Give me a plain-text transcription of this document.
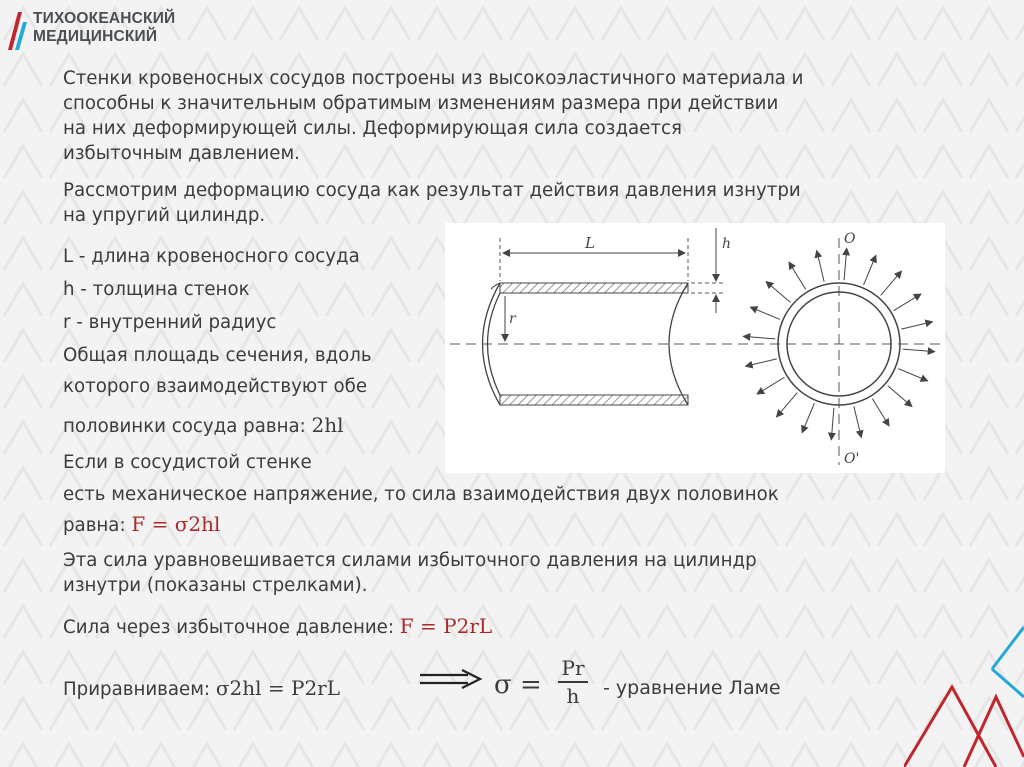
ТИХООКЕАНСКИЙ
МЕДИЦИНСКИЙ
Стенки кровеносных сосудов построены из высокоэластичного материала и
способны к значительным обратимым изменениям размера при действии
на них деформирующей силы. Деформирующая сила создается
избыточным давлением.
Рассмотрим деформацию сосуда как результат действия давления изнутри
на упругий цилиндр.
L
r
h	O
O'
L - длина кровеносного сосуда
h - толщина стенок
r - внутренний радиус
Общая площадь сечения, вдоль
которого взаимодействуют обе
половинки сосуда равна: 2hl
Если в сосудистой стенке
есть механическое напряжение, то сила взаимодействия двух половинок
равна: F = σ2hl
Эта сила уравновешивается силами избыточного давления на цилиндр
изнутри (показаны стрелками).
Сила через избыточное давление: F = P2rL
Приравниваем: σ2hl = P2rL	σ =
Pr
h	- уравнение Ламе
